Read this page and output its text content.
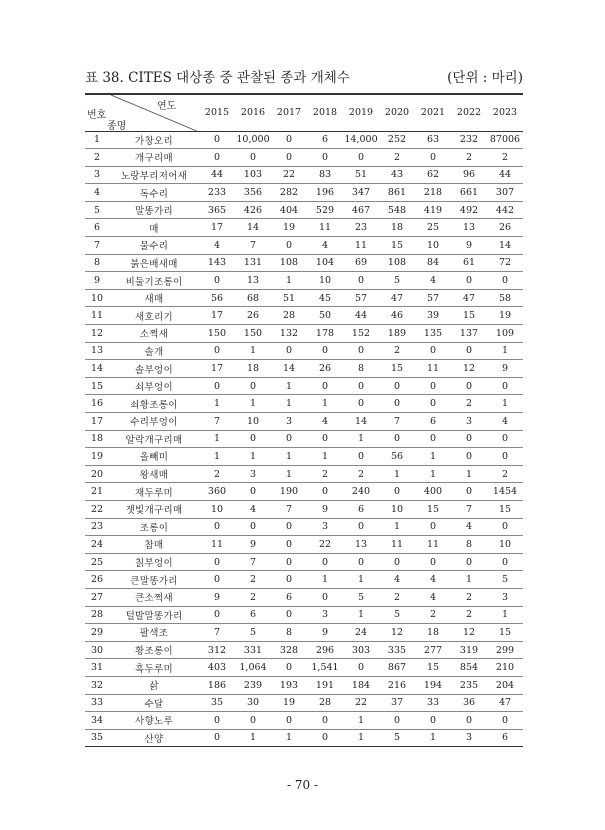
표 38. CITES 대상종 중 관찰된 종과 개체수	(단위 : 마리)
번호
연도
종명		2015	2016	2017	2018	2019	2020	2021	2022	2023
1	가창오리	0	10,000	0	6	14,000	252	63	232	87006
2	개구리매	0	0	0	0	0	2	0	2	2
3	노랑부리저어새	44	103	22	83	51	43	62	96	44
4	독수리	233	356	282	196	347	861	218	661	307
5	말똥가리	365	426	404	529	467	548	419	492	442
6	매	17	14	19	11	23	18	25	13	26
7	물수리	4	7	0	4	11	15	10	9	14
8	붉은배새매	143	131	108	104	69	108	84	61	72
9	비둘기조롱이	0	13	1	10	0	5	4	0	0
10	새매	56	68	51	45	57	47	57	47	58
11	새호리기	17	26	28	50	44	46	39	15	19
12	소쩍새	150	150	132	178	152	189	135	137	109
13	솔개	0	1	0	0	0	2	0	0	1
14	솔부엉이	17	18	14	26	8	15	11	12	9
15	쇠부엉이	0	0	1	0	0	0	0	0	0
16	쇠황조롱이	1	1	1	1	0	0	0	2	1
17	수리부엉이	7	10	3	4	14	7	6	3	4
18	알락개구리매	1	0	0	0	1	0	0	0	0
19	올빼미	1	1	1	1	0	56	1	0	0
20	왕새매	2	3	1	2	2	1	1	1	2
21	재두루미	360	0	190	0	240	0	400	0	1454
22	잿빛개구리매	10	4	7	9	6	10	15	7	15
23	조롱이	0	0	0	3	0	1	0	4	0
24	참매	11	9	0	22	13	11	11	8	10
25	칡부엉이	0	7	0	0	0	0	0	0	0
26	큰말똥가리	0	2	0	1	1	4	4	1	5
27	큰소쩍새	9	2	6	0	5	2	4	2	3
28	털발말똥가리	0	6	0	3	1	5	2	2	1
29	팔색조	7	5	8	9	24	12	18	12	15
30	황조롱이	312	331	328	296	303	335	277	319	299
31	흑두루미	403	1,064	0	1,541	0	867	15	854	210
32	삵	186	239	193	191	184	216	194	235	204
33	수달	35	30	19	28	22	37	33	36	47
34	사향노루	0	0	0	0	1	0	0	0	0
35	산양	0	1	1	0	1	5	1	3	6
- 70 -
